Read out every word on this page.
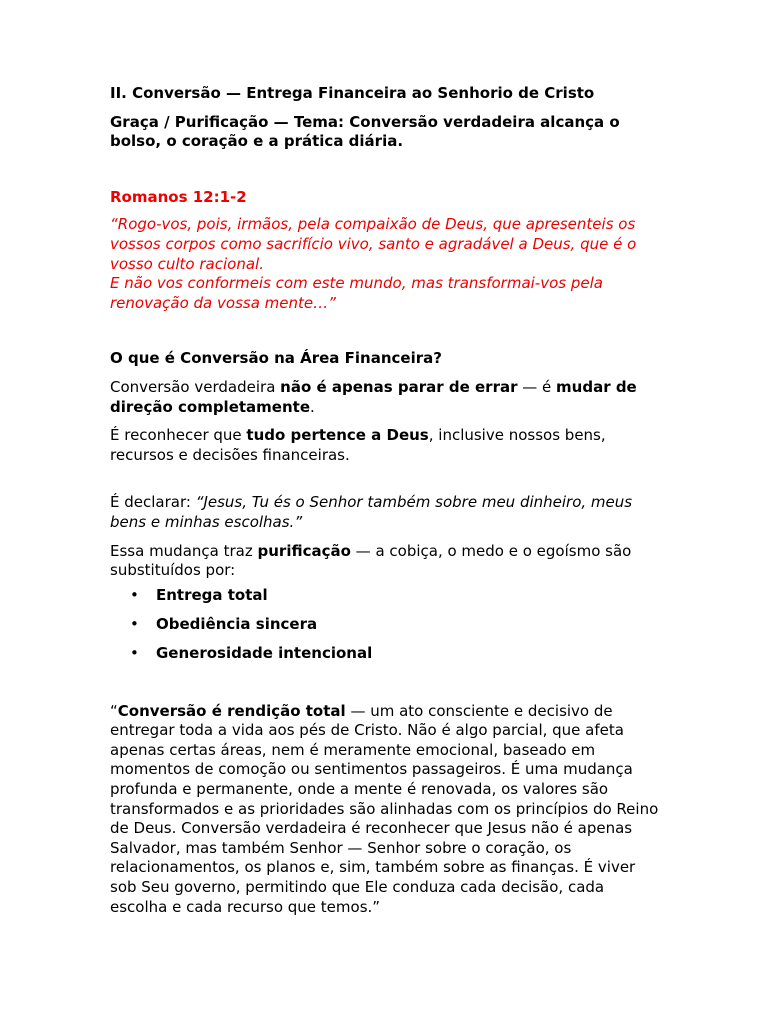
II. Conversão — Entrega Financeira ao Senhorio de Cristo

Graça / Purificação — Tema: Conversão verdadeira alcança o bolso, o coração e a prática diária.

Romanos 12:1-2

“Rogo-vos, pois, irmãos, pela compaixão de Deus, que apresenteis os vossos corpos como sacrifício vivo, santo e agradável a Deus, que é o vosso culto racional.

E não vos conformeis com este mundo, mas transformai-vos pela renovação da vossa mente…”

O que é Conversão na Área Financeira?

Conversão verdadeira não é apenas parar de errar — é mudar de direção completamente.

É reconhecer que tudo pertence a Deus, inclusive nossos bens, recursos e decisões financeiras.

É declarar: “Jesus, Tu és o Senhor também sobre meu dinheiro, meus bens e minhas escolhas.”

Essa mudança traz purificação — a cobiça, o medo e o egoísmo são substituídos por:

• Entrega total
• Obediência sincera
• Generosidade intencional

“Conversão é rendição total — um ato consciente e decisivo de entregar toda a vida aos pés de Cristo. Não é algo parcial, que afeta apenas certas áreas, nem é meramente emocional, baseado em momentos de comoção ou sentimentos passageiros. É uma mudança profunda e permanente, onde a mente é renovada, os valores são transformados e as prioridades são alinhadas com os princípios do Reino de Deus. Conversão verdadeira é reconhecer que Jesus não é apenas Salvador, mas também Senhor — Senhor sobre o coração, os relacionamentos, os planos e, sim, também sobre as finanças. É viver sob Seu governo, permitindo que Ele conduza cada decisão, cada escolha e cada recurso que temos.”
